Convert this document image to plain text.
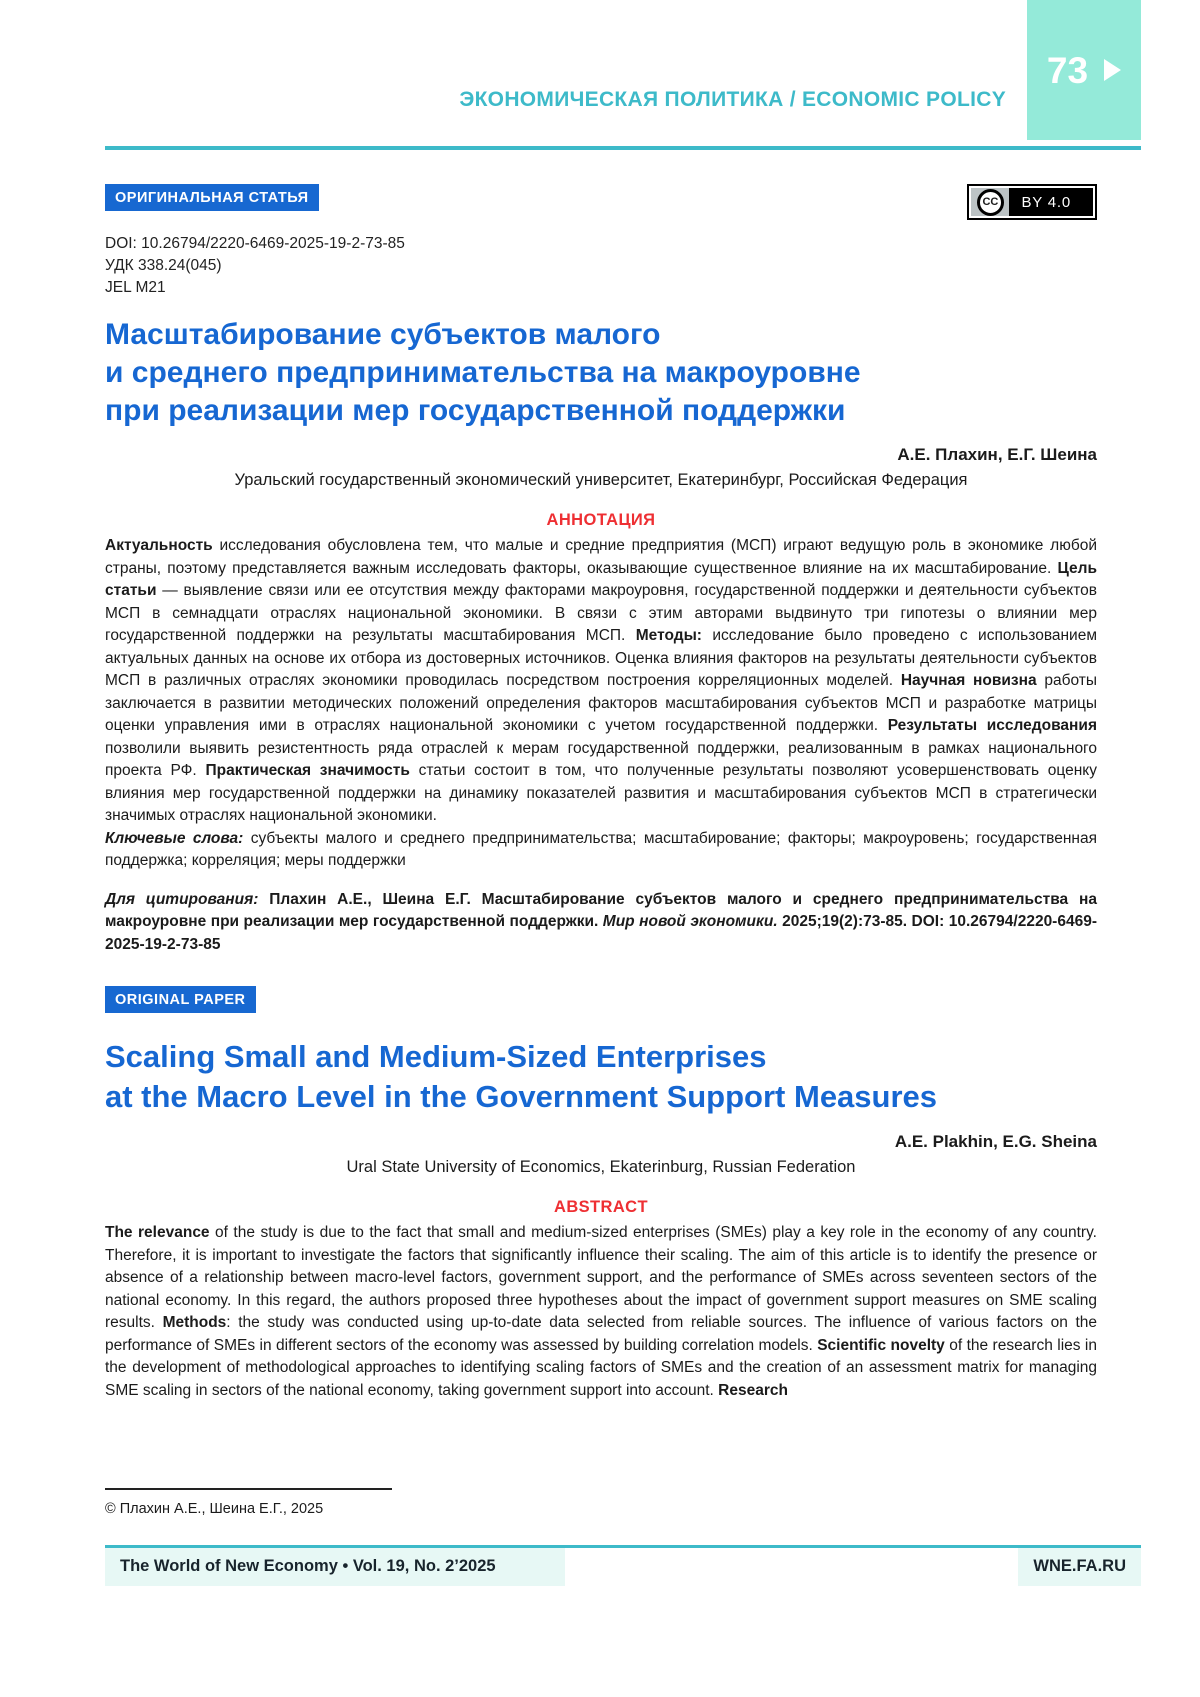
ЭКОНОМИЧЕСКАЯ ПОЛИТИКА / ECONOMIC POLICY
73
ОРИГИНАЛЬНАЯ СТАТЬЯ	CC	BY 4.0
DOI: 10.26794/2220-6469-2025-19-2-73-85
УДК 338.24(045)
JEL M21
Масштабирование субъектов малого
и среднего предпринимательства на макроуровне
при реализации мер государственной поддержки
А.Е. Плахин, Е.Г. Шеина
Уральский государственный экономический университет, Екатеринбург, Российская Федерация
АННОТАЦИЯ

Актуальность исследования обусловлена тем, что малые и средние предприятия (МСП) играют ведущую роль в экономике любой страны, поэтому представляется важным исследовать факторы, оказывающие существенное влияние на их масштабирование. Цель статьи — выявление связи или ее отсутствия между факторами макроуровня, государственной поддержки и деятельности субъектов МСП в семнадцати отраслях национальной экономики. В связи с этим авторами выдвинуто три гипотезы о влиянии мер государственной поддержки на результаты масштабирования МСП. Методы: исследование было проведено с использованием актуальных данных на основе их отбора из достоверных источников. Оценка влияния факторов на результаты деятельности субъектов МСП в различных отраслях экономики проводилась посредством построения корреляционных моделей. Научная новизна работы заключается в развитии методических положений определения факторов масштабирования субъектов МСП и разработке матрицы оценки управления ими в отраслях национальной экономики с учетом государственной поддержки. Результаты исследования позволили выявить резистентность ряда отраслей к мерам государственной поддержки, реализованным в рамках национального проекта РФ. Практическая значимость статьи состоит в том, что полученные результаты позволяют усовершенствовать оценку влияния мер государственной поддержки на динамику показателей развития и масштабирования субъектов МСП в стратегически значимых отраслях национальной экономики.

Ключевые слова: субъекты малого и среднего предпринимательства; масштабирование; факторы; макроуровень; государственная поддержка; корреляция; меры поддержки

Для цитирования: Плахин А.Е., Шеина Е.Г. Масштабирование субъектов малого и среднего предпринимательства на макроуровне при реализации мер государственной поддержки. Мир новой экономики. 2025;19(2):73-85. DOI: 10.26794/2220-6469-2025-19-2-73-85

ORIGINAL PAPER
Scaling Small and Medium-Sized Enterprises
at the Macro Level in the Government Support Measures
A.E. Plakhin, E.G. Sheina
Ural State University of Economics, Ekaterinburg, Russian Federation
ABSTRACT

The relevance of the study is due to the fact that small and medium-sized enterprises (SMEs) play a key role in the economy of any country. Therefore, it is important to investigate the factors that significantly influence their scaling. The aim of this article is to identify the presence or absence of a relationship between macro-level factors, government support, and the performance of SMEs across seventeen sectors of the national economy. In this regard, the authors proposed three hypotheses about the impact of government support measures on SME scaling results. Methods: the study was conducted using up-to-date data selected from reliable sources. The influence of various factors on the performance of SMEs in different sectors of the economy was assessed by building correlation models. Scientific novelty of the research lies in the development of methodological approaches to identifying scaling factors of SMEs and the creation of an assessment matrix for managing SME scaling in sectors of the national economy, taking government support into account. Research

© Плахин А.Е., Шеина Е.Г., 2025
The World of New Economy • Vol. 19, No. 2’2025	WNE.FA.RU
